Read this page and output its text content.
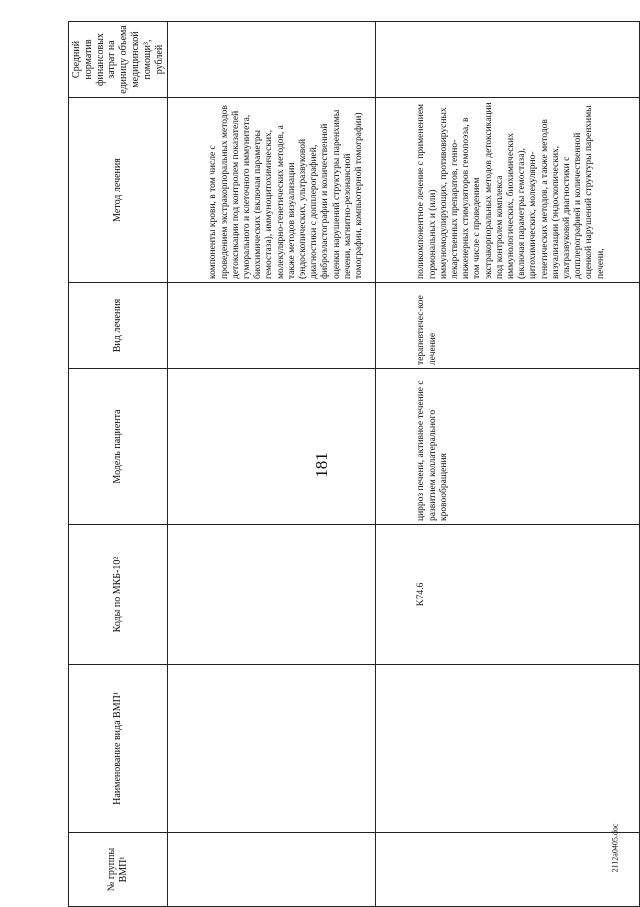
181
2112а0405.doc
№ группы ВМП¹	Наименование вида ВМП¹	Коды по МКБ-10²	Модель пациента	Вид лечения	Метод лечения	Средний норматив финансовых затрат на единицу объема медицинской помощи³, рублей
					компоненты крови, в том числе с проведением экстракорпоральных методов детоксикации под контролем показателей гуморального и клеточного иммунитета, биохимических (включая параметры гемостаза), иммуноцитохимических, молекулярно-генетических методов, а также методов визуализации (эндоскопических, ультразвуковой диагностики с допплерографией, фиброэластографии и количественной оценки нарушений структуры паренхимы печени, магнитно-резонансной томографии, компьютерной томографии)	
		K74.6	цирроз печени, активное течение с развитием коллатерального кровообращения	терапевтичес-кое лечение	поликомпонентное лечение с применением гормональных и (или) иммуномодулирующих, противовирусных лекарственных препаратов, генно-инженерных стимуляторов гемопоэза, в том числе с проведением экстракорпоральных методов детоксикации под контролем комплекса иммунологических, биохимических (включая параметры гемостаза), цитохимических, молекулярно-генетических методов, а также методов визуализации (эндоскопических, ультразвуковой диагностики с допплерографией и количественной оценкой нарушений структуры паренхимы печени,	
